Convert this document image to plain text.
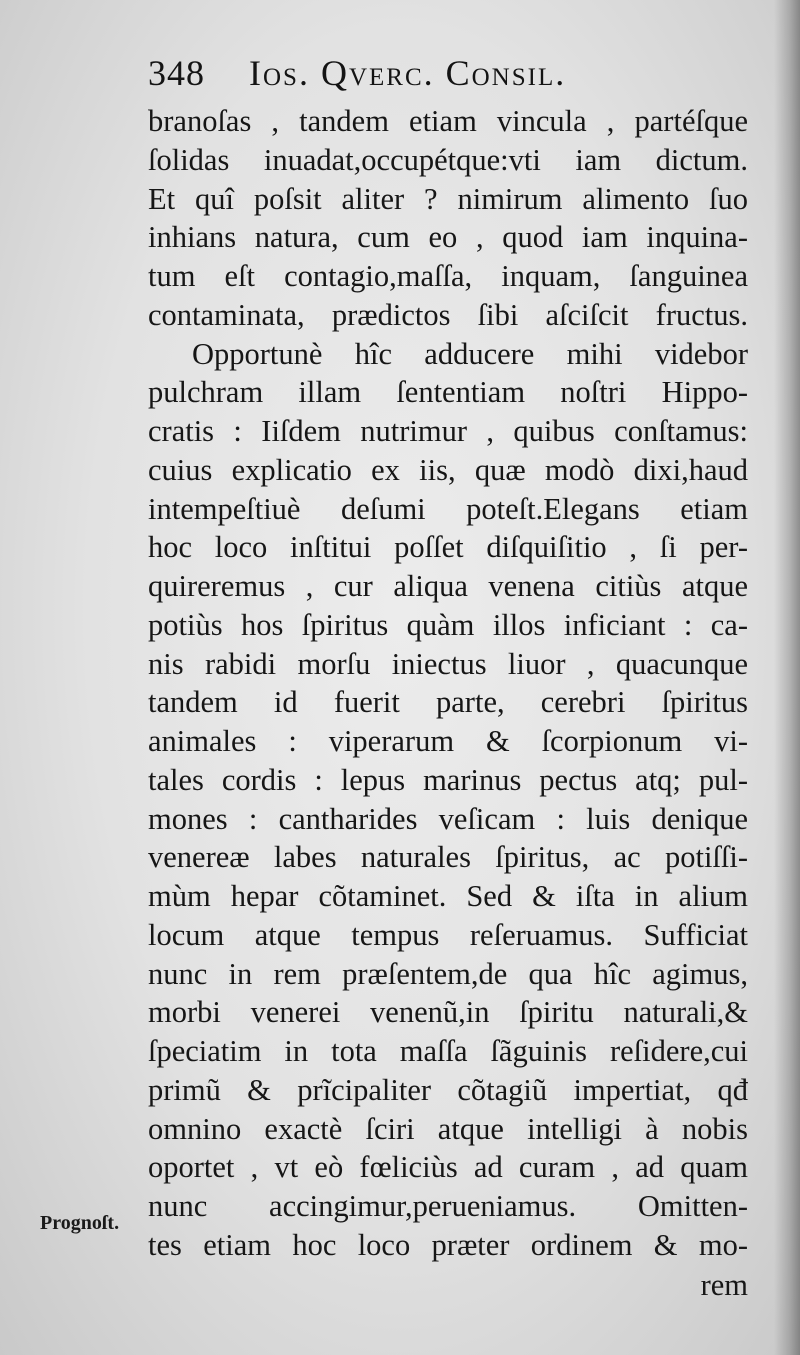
348 Ios. Qverc. Consil.
branoſas , tandem etiam vincula , partéſque
ſolidas inuadat,occupétque:vti iam dictum.
Et quî poſsit aliter ? nimirum alimento ſuo
inhians natura, cum eo , quod iam inquina-
tum eſt contagio,maſſa, inquam, ſanguinea
contaminata, prædictos ſibi aſciſcit fructus.
Opportunè hîc adducere mihi videbor
pulchram illam ſententiam noſtri Hippo-
cratis : Iiſdem nutrimur , quibus conſtamus:
cuius explicatio ex iis, quæ modò dixi,haud
intempeſtiuè deſumi poteſt.Elegans etiam
hoc loco inſtitui poſſet diſquiſitio , ſi per-
quireremus , cur aliqua venena citiùs atque
potiùs hos ſpiritus quàm illos inficiant : ca-
nis rabidi morſu iniectus liuor , quacunque
tandem id fuerit parte, cerebri ſpiritus
animales : viperarum & ſcorpionum vi-
tales cordis : lepus marinus pectus atq; pul-
mones : cantharides veſicam : luis denique
venereæ labes naturales ſpiritus, ac potiſſi-
mùm hepar cõtaminet. Sed & iſta in alium
locum atque tempus reſeruamus. Sufficiat
nunc in rem præſentem,de qua hîc agimus,
morbi venerei venenũ,in ſpiritu naturali,&
ſpeciatim in tota maſſa ſãguinis reſidere,cui
primũ & prĩcipaliter cõtagiũ impertiat, qđ
omnino exactè ſciri atque intelligi à nobis
oportet , vt eò fœliciùs ad curam , ad quam
nunc accingimur,perueniamus. Omitten-
tes etiam hoc loco præter ordinem & mo-
rem
Prognoſt.
